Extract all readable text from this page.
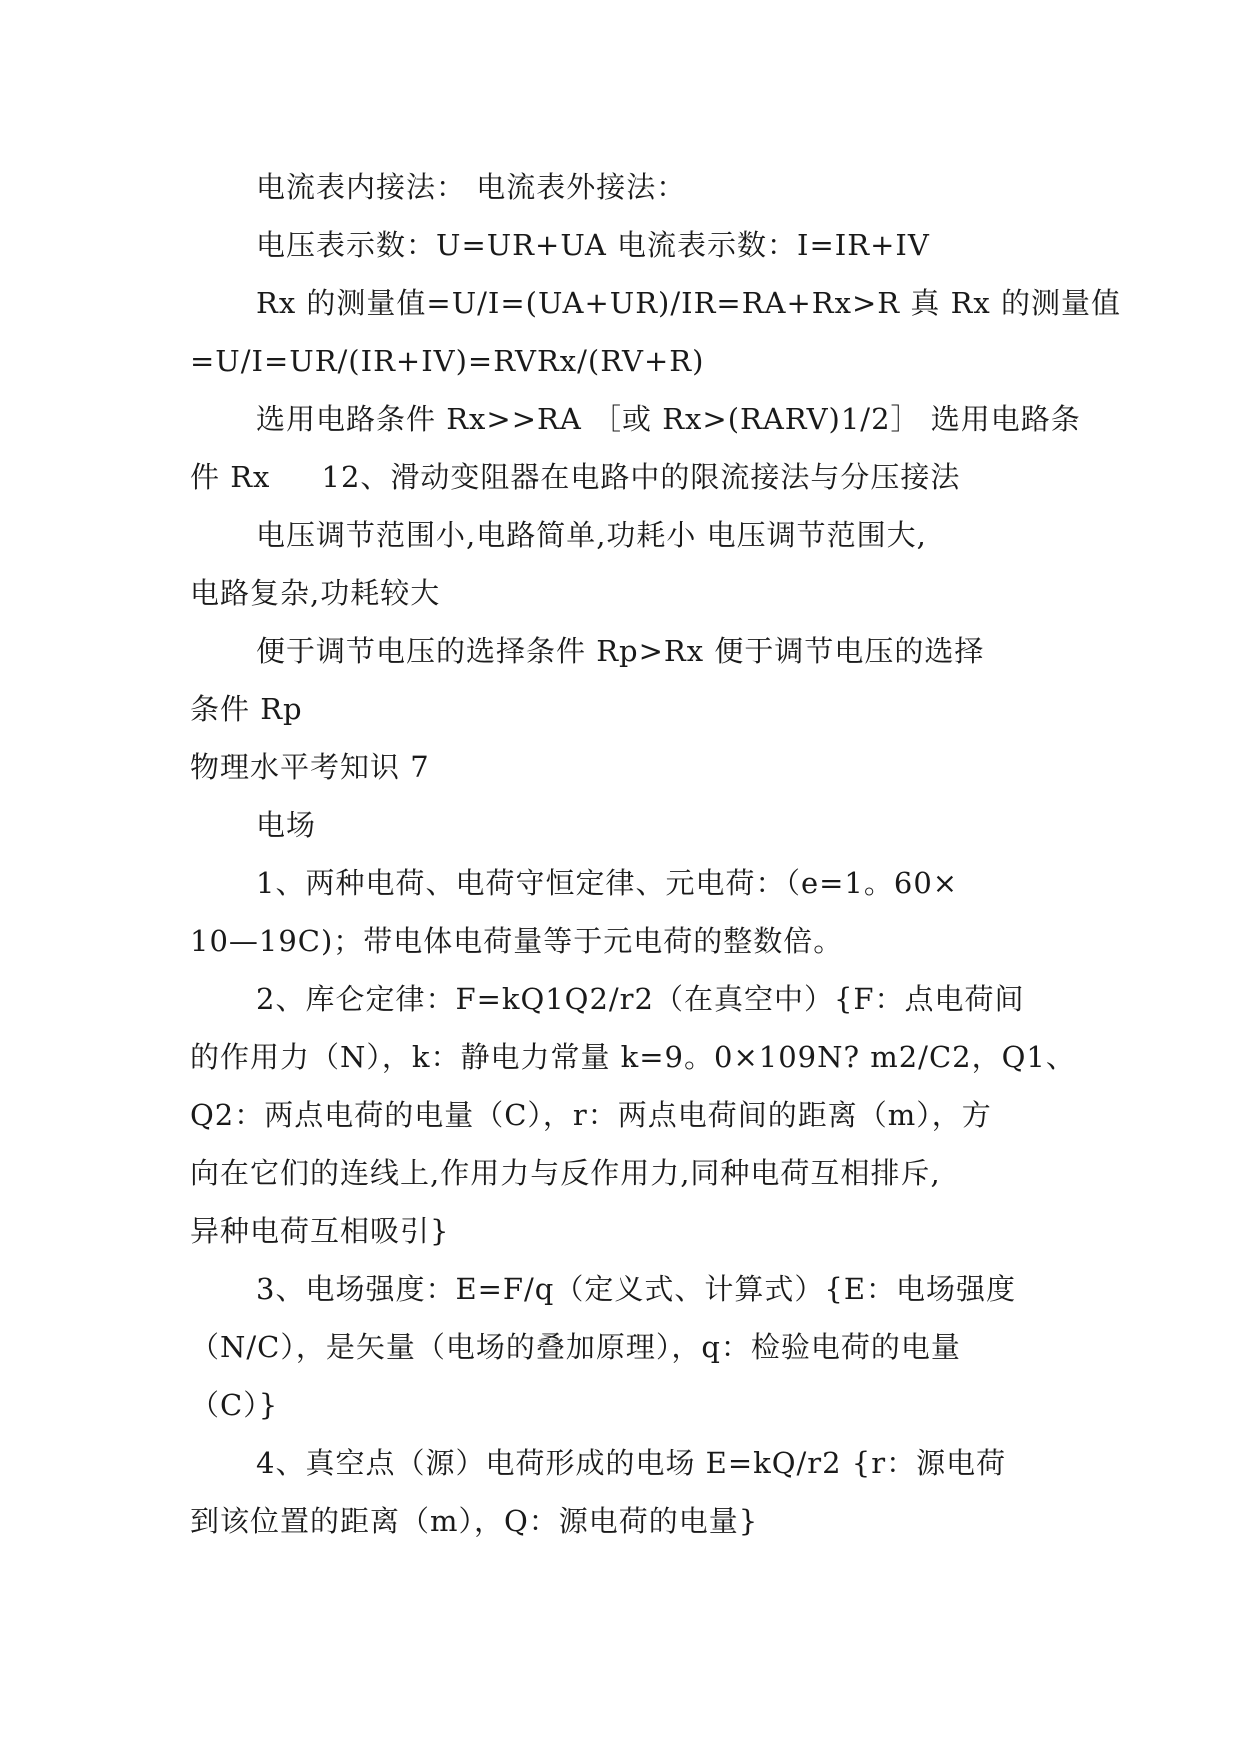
电流表内接法： 电流表外接法：

电压表示数：U=UR+UA 电流表示数：I=IR+IV

Rx 的测量值=U/I=(UA+UR)/IR=RA+Rx>R 真 Rx 的测量值
=U/I=UR/(IR+IV)=RVRx/(RV+R)

选用电路条件 Rx>>RA ［或 Rx>(RARV)1/2］ 选用电路条
件 Rx     12、滑动变阻器在电路中的限流接法与分压接法

电压调节范围小,电路简单,功耗小 电压调节范围大,
电路复杂,功耗较大

便于调节电压的选择条件 Rp>Rx 便于调节电压的选择
条件 Rp

物理水平考知识 7

电场

1、两种电荷、电荷守恒定律、元电荷：（e=1。60×
10—19C)；带电体电荷量等于元电荷的整数倍。

2、库仑定律：F=kQ1Q2/r2（在真空中）{F：点电荷间
的作用力（N），k：静电力常量 k=9。0×109N? m2/C2，Q1、
Q2：两点电荷的电量（C），r：两点电荷间的距离（m），方
向在它们的连线上,作用力与反作用力,同种电荷互相排斥,
异种电荷互相吸引}

3、电场强度：E=F/q（定义式、计算式）{E：电场强度
（N/C），是矢量（电场的叠加原理），q：检验电荷的电量
（C）}

4、真空点（源）电荷形成的电场 E=kQ/r2 {r：源电荷
到该位置的距离（m），Q：源电荷的电量}
